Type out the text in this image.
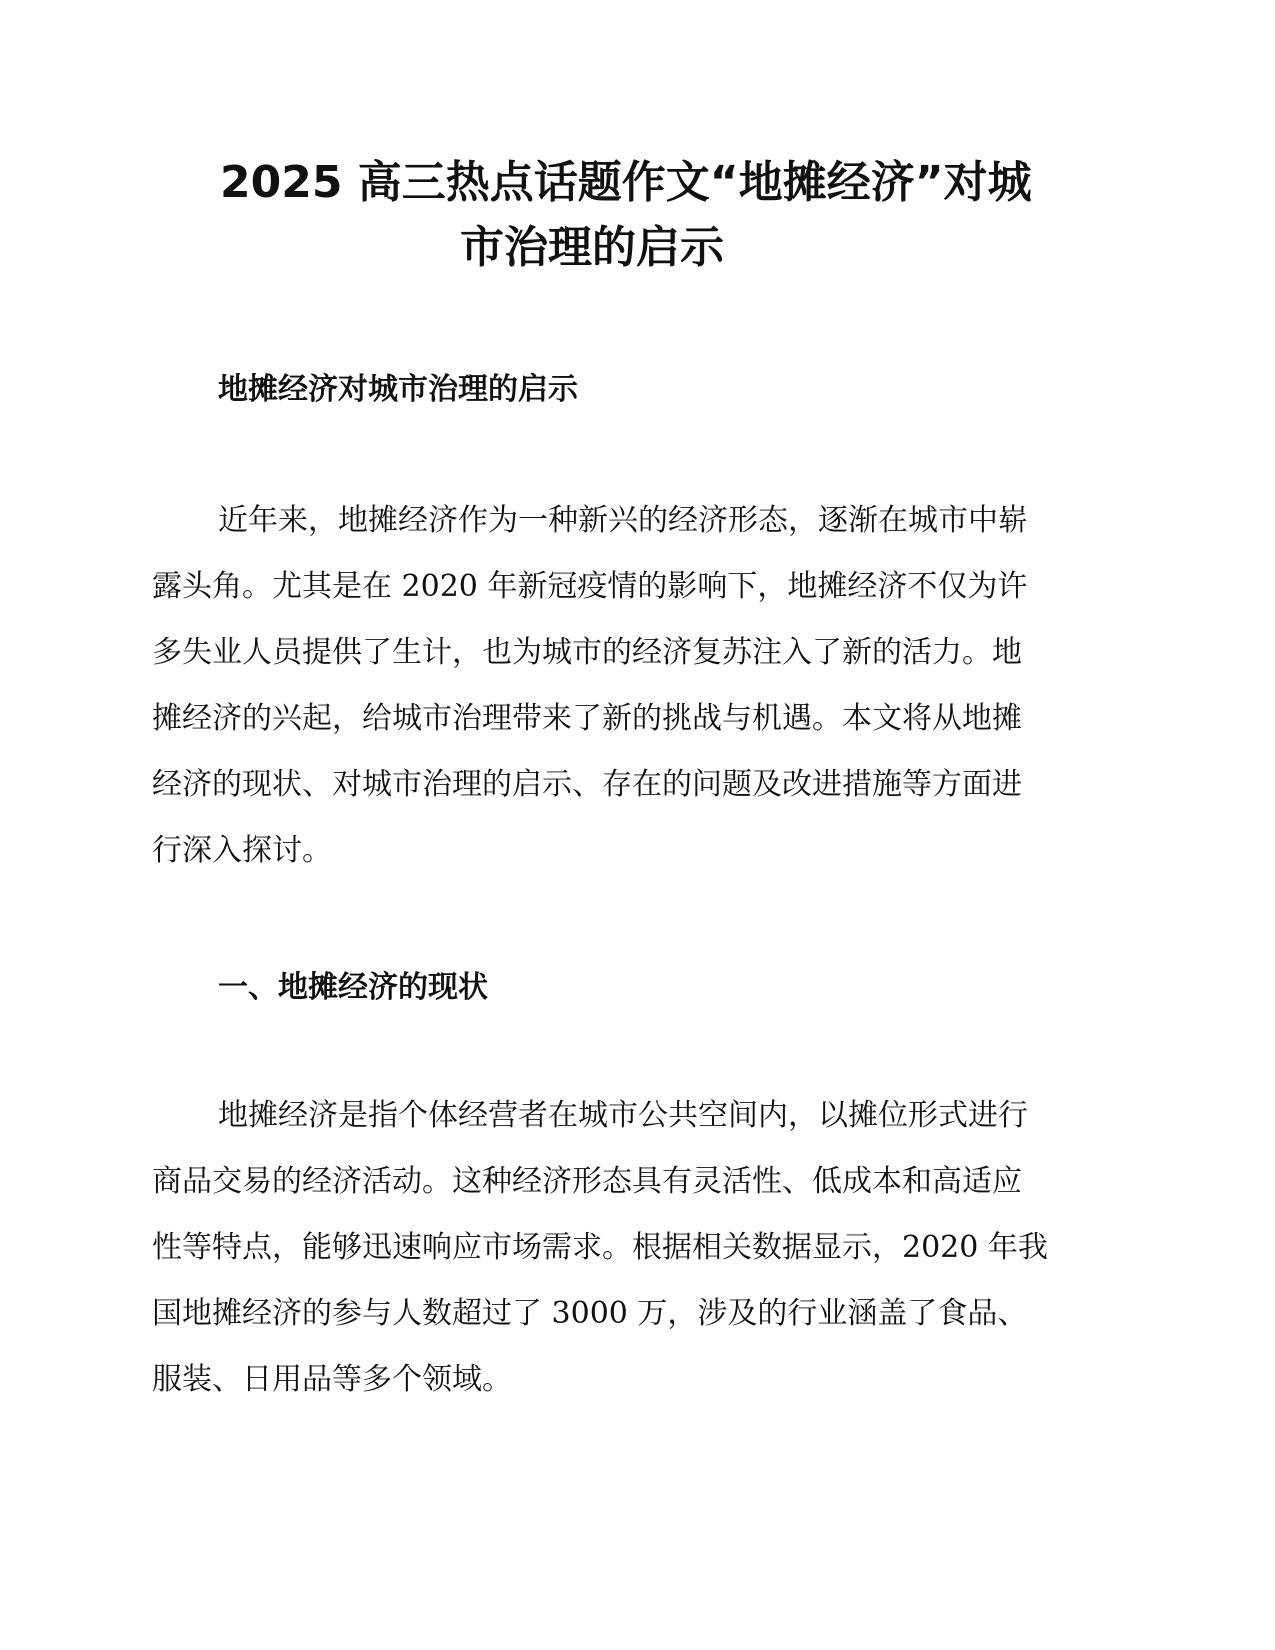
2025 高三热点话题作文“地摊经济”对城
市治理的启示
地摊经济对城市治理的启示
近年来，地摊经济作为一种新兴的经济形态，逐渐在城市中崭
露头角。尤其是在 2020 年新冠疫情的影响下，地摊经济不仅为许
多失业人员提供了生计，也为城市的经济复苏注入了新的活力。地
摊经济的兴起，给城市治理带来了新的挑战与机遇。本文将从地摊
经济的现状、对城市治理的启示、存在的问题及改进措施等方面进
行深入探讨。
一、地摊经济的现状
地摊经济是指个体经营者在城市公共空间内，以摊位形式进行
商品交易的经济活动。这种经济形态具有灵活性、低成本和高适应
性等特点，能够迅速响应市场需求。根据相关数据显示，2020 年我
国地摊经济的参与人数超过了 3000 万，涉及的行业涵盖了食品、
服装、日用品等多个领域。
